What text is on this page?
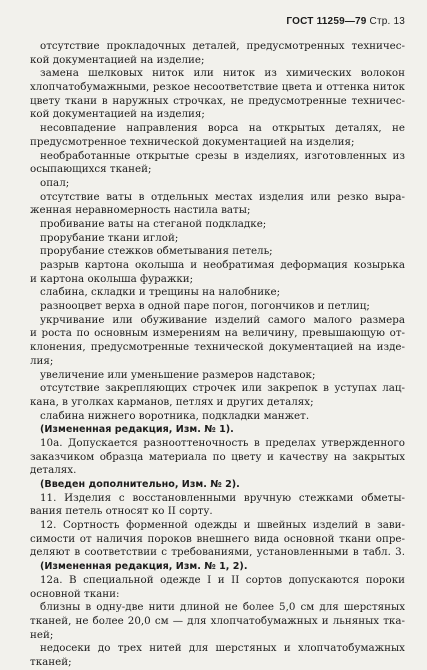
ГОСТ 11259—79 Стр. 13
отсутствие прокладочных деталей, предусмотренных техничес-
кой документацией на изделие;
замена шелковых ниток или ниток из химических волокон
хлопчатобумажными, резкое несоответствие цвета и оттенка ниток
цвету ткани в наружных строчках, не предусмотренные техничес-
кой документацией на изделия;
несовпадение направления ворса на открытых деталях, не
предусмотренное технической документацией на изделия;
необработанные открытые срезы в изделиях, изготовленных из
осыпающихся тканей;
опал;
отсутствие ваты в отдельных местах изделия или резко выра-
женная неравномерность настила ваты;
пробивание ваты на стеганой подкладке;
прорубание ткани иглой;
прорубание стежков обметывания петель;
разрыв картона околыша и необратимая деформация козырька
и картона околыша фуражки;
слабина, складки и трещины на налобнике;
разнооцвет верха в одной паре погон, погончиков и петлиц;
укрчивание или обуживание изделий самого малого размера
и роста по основным измерениям на величину, превышающую от-
клонения, предусмотренные технической документацией на изде-
лия;
увеличение или уменьшение размеров надставок;
отсутствие закрепляющих строчек или закрепок в уступах лац-
кана, в уголках карманов, петлях и других деталях;
слабина нижнего воротника, подкладки манжет.
(Измененная редакция, Изм. № 1).
10а. Допускается разнооттеночность в пределах утвержденного
заказчиком образца материала по цвету и качеству на закрытых
деталях.
(Введен дополнительно, Изм. № 2).
11. Изделия с восстановленными вручную стежками обметы-
вания петель относят ко II сорту.
12. Сортность форменной одежды и швейных изделий в зави-
симости от наличия пороков внешнего вида основной ткани опре-
деляют в соответствии с требованиями, установленными в табл. 3.
(Измененная редакция, Изм. № 1, 2).
12а. В специальной одежде I и II сортов допускаются пороки
основной ткани:
близны в одну-две нити длиной не более 5,0 см для шерстяных
тканей, не более 20,0 см — для хлопчатобумажных и льняных тка-
ней;
недосеки до трех нитей для шерстяных и хлопчатобумажных
тканей;
